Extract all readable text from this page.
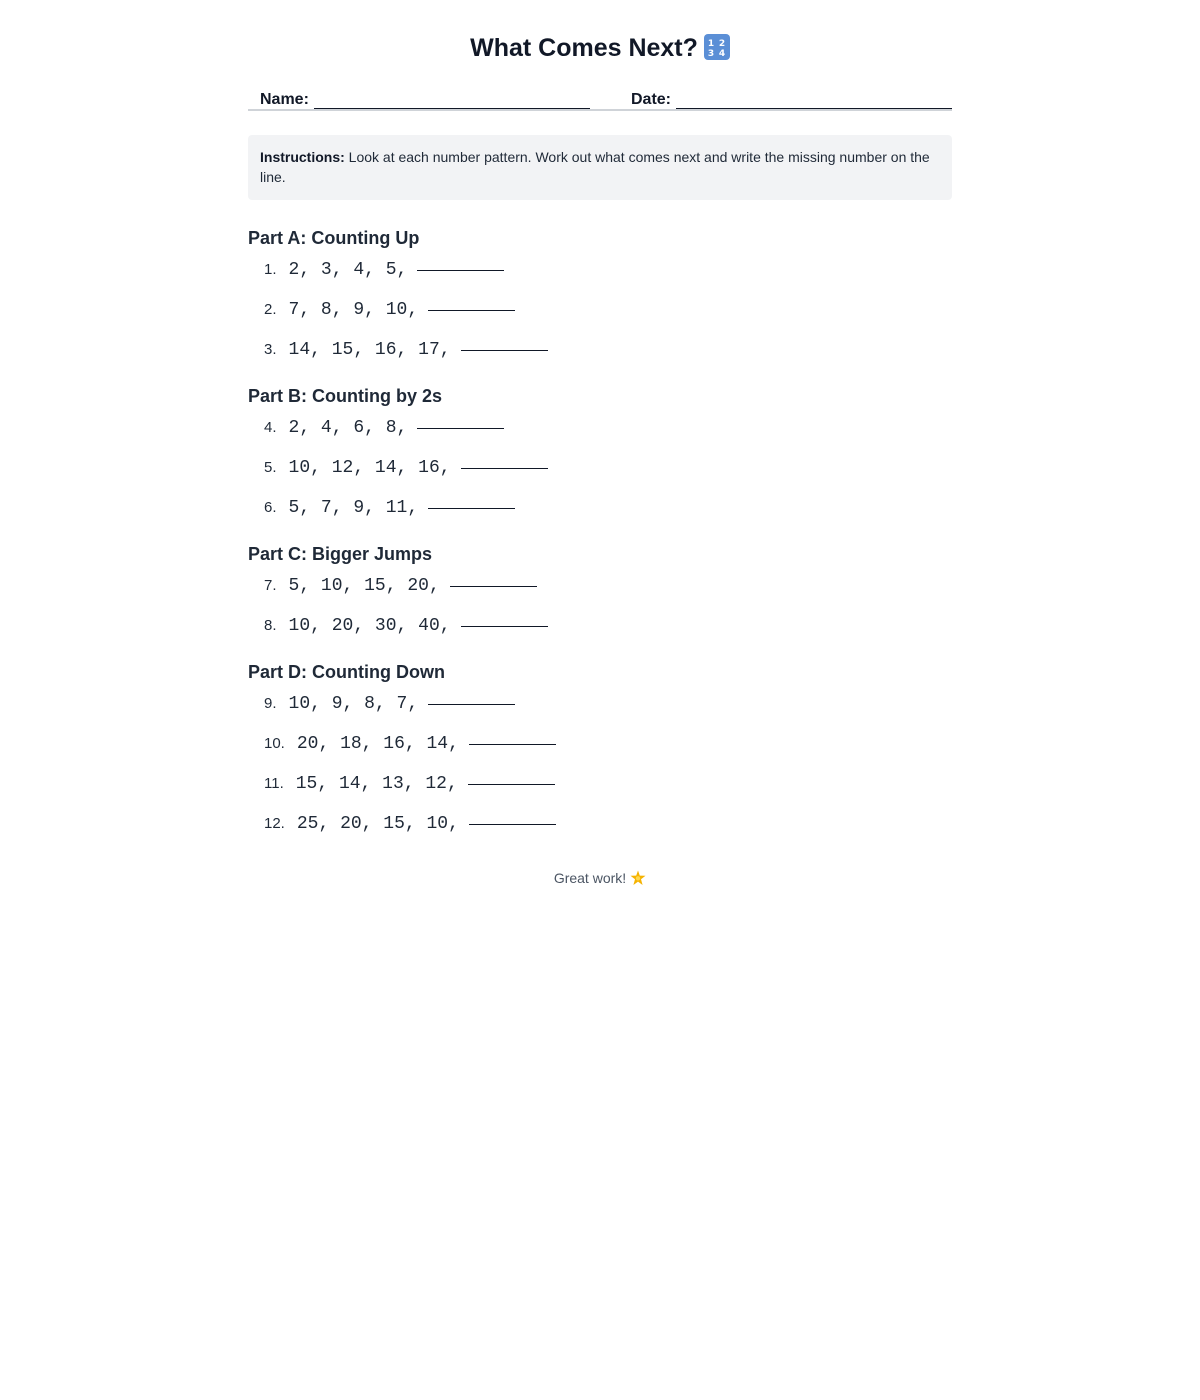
What Comes Next? 1 2
3 4
Name:	Date:
Instructions: Look at each number pattern. Work out what comes next and write the missing number on the line.
Part A: Counting Up
1. 2, 3, 4, 5,
2. 7, 8, 9, 10,
3. 14, 15, 16, 17,
Part B: Counting by 2s
4. 2, 4, 6, 8,
5. 10, 12, 14, 16,
6. 5, 7, 9, 11,
Part C: Bigger Jumps
7. 5, 10, 15, 20,
8. 10, 20, 30, 40,
Part D: Counting Down
9. 10, 9, 8, 7,
10. 20, 18, 16, 14,
11. 15, 14, 13, 12,
12. 25, 20, 15, 10,
Great work!
